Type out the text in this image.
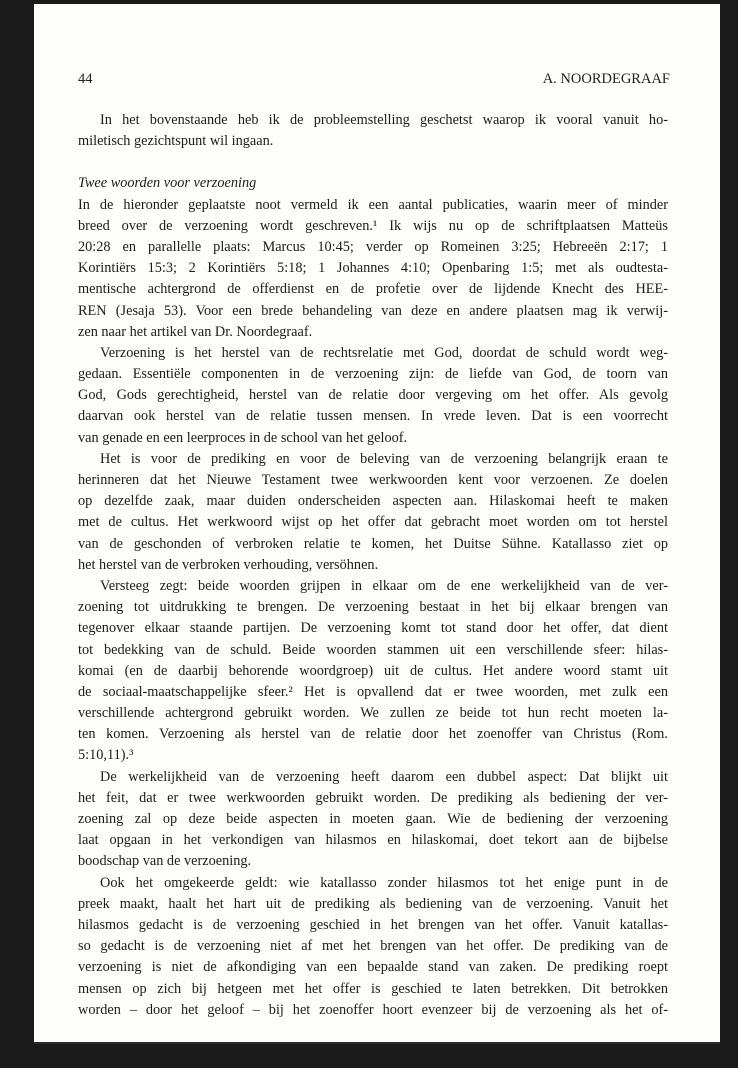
44	A. NOORDEGRAAF
In het bovenstaande heb ik de probleemstelling geschetst waarop ik vooral vanuit ho-
miletisch gezichtspunt wil ingaan.
Twee woorden voor verzoening
In de hieronder geplaatste noot vermeld ik een aantal publicaties, waarin meer of minder
breed over de verzoening wordt geschreven.¹ Ik wijs nu op de schriftplaatsen Matteüs
20:28 en parallelle plaats: Marcus 10:45; verder op Romeinen 3:25; Hebreeën 2:17; 1
Korintiërs 15:3; 2 Korintiërs 5:18; 1 Johannes 4:10; Openbaring 1:5; met als oudtesta-
mentische achtergrond de offerdienst en de profetie over de lijdende Knecht des HEE-
REN (Jesaja 53). Voor een brede behandeling van deze en andere plaatsen mag ik verwij-
zen naar het artikel van Dr. Noordegraaf.
Verzoening is het herstel van de rechtsrelatie met God, doordat de schuld wordt weg-
gedaan. Essentiële componenten in de verzoening zijn: de liefde van God, de toorn van
God, Gods gerechtigheid, herstel van de relatie door vergeving om het offer. Als gevolg
daarvan ook herstel van de relatie tussen mensen. In vrede leven. Dat is een voorrecht
van genade en een leerproces in de school van het geloof.
Het is voor de prediking en voor de beleving van de verzoening belangrijk eraan te
herinneren dat het Nieuwe Testament twee werkwoorden kent voor verzoenen. Ze doelen
op dezelfde zaak, maar duiden onderscheiden aspecten aan. Hilaskomai heeft te maken
met de cultus. Het werkwoord wijst op het offer dat gebracht moet worden om tot herstel
van de geschonden of verbroken relatie te komen, het Duitse Sühne. Katallasso ziet op
het herstel van de verbroken verhouding, versöhnen.
Versteeg zegt: beide woorden grijpen in elkaar om de ene werkelijkheid van de ver-
zoening tot uitdrukking te brengen. De verzoening bestaat in het bij elkaar brengen van
tegenover elkaar staande partijen. De verzoening komt tot stand door het offer, dat dient
tot bedekking van de schuld. Beide woorden stammen uit een verschillende sfeer: hilas-
komai (en de daarbij behorende woordgroep) uit de cultus. Het andere woord stamt uit
de sociaal-maatschappelijke sfeer.² Het is opvallend dat er twee woorden, met zulk een
verschillende achtergrond gebruikt worden. We zullen ze beide tot hun recht moeten la-
ten komen. Verzoening als herstel van de relatie door het zoenoffer van Christus (Rom.
5:10,11).³
De werkelijkheid van de verzoening heeft daarom een dubbel aspect: Dat blijkt uit
het feit, dat er twee werkwoorden gebruikt worden. De prediking als bediening der ver-
zoening zal op deze beide aspecten in moeten gaan. Wie de bediening der verzoening
laat opgaan in het verkondigen van hilasmos en hilaskomai, doet tekort aan de bijbelse
boodschap van de verzoening.
Ook het omgekeerde geldt: wie katallasso zonder hilasmos tot het enige punt in de
preek maakt, haalt het hart uit de prediking als bediening van de verzoening. Vanuit het
hilasmos gedacht is de verzoening geschied in het brengen van het offer. Vanuit katallas-
so gedacht is de verzoening niet af met het brengen van het offer. De prediking van de
verzoening is niet de afkondiging van een bepaalde stand van zaken. De prediking roept
mensen op zich bij hetgeen met het offer is geschied te laten betrekken. Dit betrokken
worden – door het geloof – bij het zoenoffer hoort evenzeer bij de verzoening als het of-
